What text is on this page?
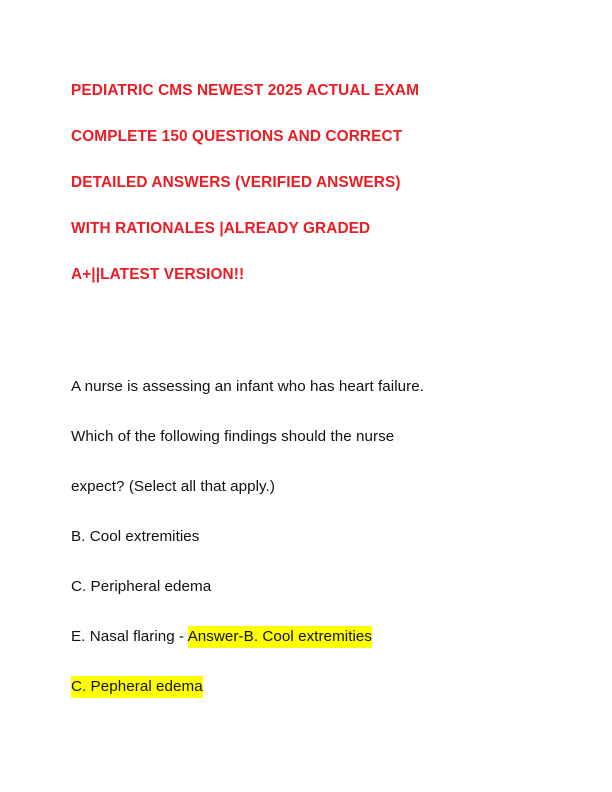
PEDIATRIC CMS NEWEST 2025 ACTUAL EXAM
COMPLETE 150 QUESTIONS AND CORRECT
DETAILED ANSWERS (VERIFIED ANSWERS)
WITH RATIONALES |ALREADY GRADED
A+||LATEST VERSION!!
A nurse is assessing an infant who has heart failure.
Which of the following findings should the nurse
expect? (Select all that apply.)
B. Cool extremities
C. Peripheral edema
E. Nasal flaring - Answer-B. Cool extremities
C. Pepheral edema
